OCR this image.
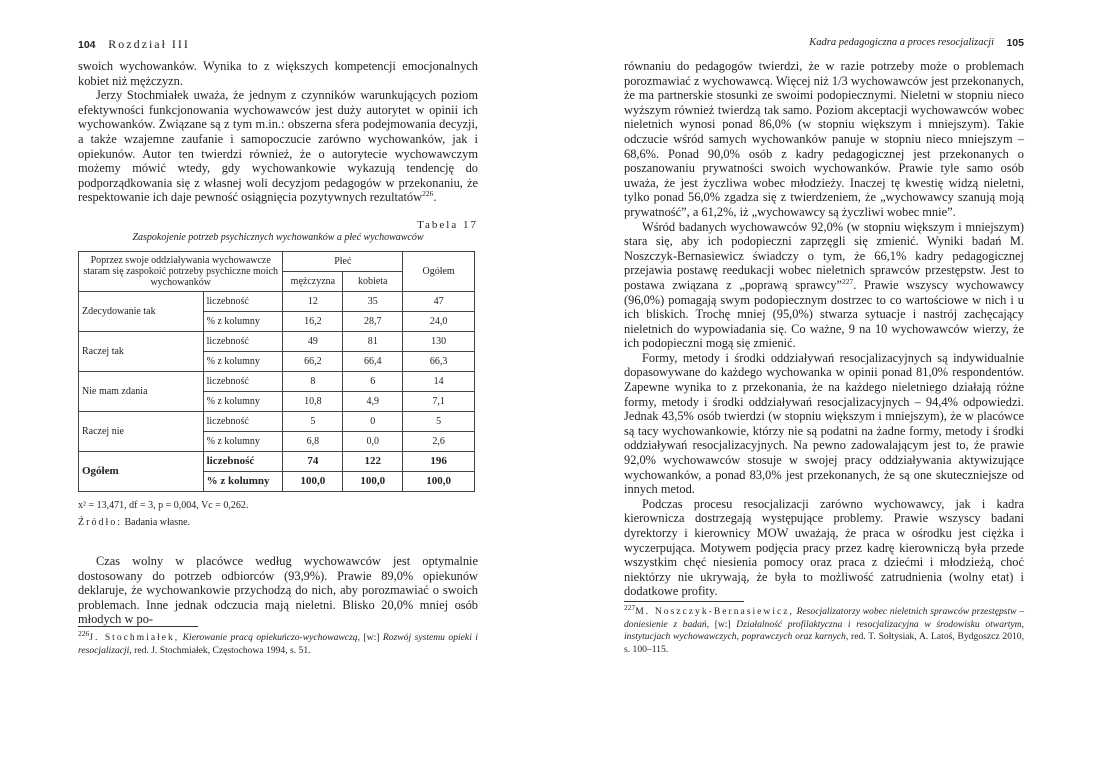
104 Rozdział III

swoich wychowanków. Wynika to z większych kompetencji emocjonalnych kobiet niż mężczyzn.

Jerzy Stochmiałek uważa, że jednym z czynników warunkujących poziom efektywności funkcjonowania wychowawców jest duży autorytet w opinii ich wychowanków. Związane są z tym m.in.: obszerna sfera podejmowania decyzji, a także wzajemne zaufanie i samopoczucie zarówno wychowanków, jak i opiekunów. Autor ten twierdzi również, że o autorytecie wychowawczym możemy mówić wtedy, gdy wychowankowie wykazują tendencję do podporządkowania się z własnej woli decyzjom pedagogów w przekonaniu, że respektowanie ich daje pewność osiągnięcia pozytywnych rezultatów$^{226}$.

Tabela 17
Zaspokojenie potrzeb psychicznych wychowanków a płeć wychowawców
Poprzez swoje oddziaływania wychowawcze staram się zaspokoić potrzeby psychiczne moich wychowanków		Płeć		Ogółem
		mężczyzna	kobieta	
Zdecydowanie tak	liczebność	12	35	47
	% z kolumny	16,2	28,7	24,0
Raczej tak	liczebność	49	81	130
	% z kolumny	66,2	66,4	66,3
Nie mam zdania	liczebność	8	6	14
	% z kolumny	10,8	4,9	7,1
Raczej nie	liczebność	5	0	5
	% z kolumny	6,8	0,0	2,6
Ogółem	liczebność	74	122	196
	% z kolumny	100,0	100,0	100,0
x² = 13,471, df = 3, p = 0,004, Vc = 0,262.
Źródło: Badania własne.

Czas wolny w placówce według wychowawców jest optymalnie dostosowany do potrzeb odbiorców (93,9%). Prawie 89,0% opiekunów deklaruje, że wychowankowie przychodzą do nich, aby porozmawiać o swoich problemach. Inne jednak odczucia mają nieletni. Blisko 20,0% mniej osób młodych w po-

$^{226}$J. Stochmiałek, Kierowanie pracą opiekuńczo-wychowawczą, [w:] Rozwój systemu opieki i resocjalizacji, red. J. Stochmiałek, Częstochowa 1994, s. 51.
Kadra pedagogiczna a proces resocjalizacji 105

równaniu do pedagogów twierdzi, że w razie potrzeby może o problemach porozmawiać z wychowawcą. Więcej niż 1/3 wychowawców jest przekonanych, że ma partnerskie stosunki ze swoimi podopiecznymi. Nieletni w stopniu nieco wyższym również twierdzą tak samo. Poziom akceptacji wychowawców wobec nieletnich wynosi ponad 86,0% (w stopniu większym i mniejszym). Takie odczucie wśród samych wychowanków panuje w stopniu nieco mniejszym – 68,6%. Ponad 90,0% osób z kadry pedagogicznej jest przekonanych o poszanowaniu prywatności swoich wychowanków. Prawie tyle samo osób uważa, że jest życzliwa wobec młodzieży. Inaczej tę kwestię widzą nieletni, tylko ponad 56,0% zgadza się z twierdzeniem, że „wychowawcy szanują moją prywatność”, a 61,2%, iż „wychowawcy są życzliwi wobec mnie”.

Wśród badanych wychowawców 92,0% (w stopniu większym i mniejszym) stara się, aby ich podopieczni zaprzęgli się zmienić. Wyniki badań M. Noszczyk-Bernasiewicz świadczy o tym, że 66,1% kadry pedagogicznej przejawia postawę reedukacji wobec nieletnich sprawców przestępstw. Jest to postawa związana z „poprawą sprawcy”$^{227}$. Prawie wszyscy wychowawcy (96,0%) pomagają swym podopiecznym dostrzec to co wartościowe w nich i u ich bliskich. Trochę mniej (95,0%) stwarza sytuacje i nastrój zachęcający nieletnich do wypowiadania się. Co ważne, 9 na 10 wychowawców wierzy, że ich podopieczni mogą się zmienić.

Formy, metody i środki oddziaływań resocjalizacyjnych są indywidualnie dopasowywane do każdego wychowanka w opinii ponad 81,0% respondentów. Zapewne wynika to z przekonania, że na każdego nieletniego działają różne formy, metody i środki oddziaływań resocjalizacyjnych – 94,4% odpowiedzi. Jednak 43,5% osób twierdzi (w stopniu większym i mniejszym), że w placówce są tacy wychowankowie, którzy nie są podatni na żadne formy, metody i środki oddziaływań resocjalizacyjnych. Na pewno zadowalającym jest to, że prawie 92,0% wychowawców stosuje w swojej pracy oddziaływania aktywizujące wychowanków, a ponad 83,0% jest przekonanych, że są one skuteczniejsze od innych metod.

Podczas procesu resocjalizacji zarówno wychowawcy, jak i kadra kierownicza dostrzegają występujące problemy. Prawie wszyscy badani dyrektorzy i kierownicy MOW uważają, że praca w ośrodku jest ciężka i wyczerpująca. Motywem podjęcia pracy przez kadrę kierowniczą była przede wszystkim chęć niesienia pomocy oraz praca z dziećmi i młodzieżą, choć niektórzy nie ukrywają, że była to możliwość zatrudnienia (wolny etat) i dodatkowe profity.

$^{227}$M. Noszczyk-Bernasiewicz, Resocjalizatorzy wobec nieletnich sprawców przestępstw – doniesienie z badań, [w:] Działalność profilaktyczna i resocjalizacyjna w środowisku otwartym, instytucjach wychowawczych, poprawczych oraz karnych, red. T. Sołtysiak, A. Latoś, Bydgoszcz 2010, s. 100–115.
